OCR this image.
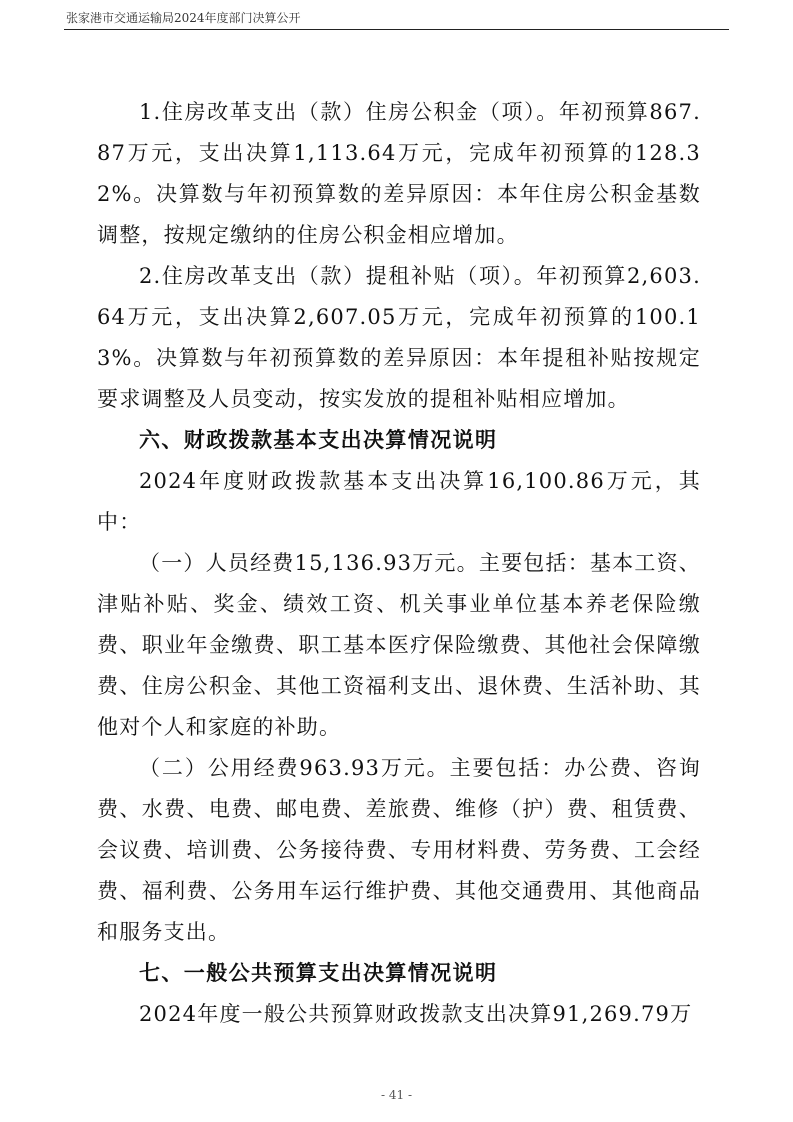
张家港市交通运输局2024年度部门决算公开

1.住房改革支出（款）住房公积金（项）。年初预算867.87万元，支出决算1,113.64万元，完成年初预算的128.32%。决算数与年初预算数的差异原因：本年住房公积金基数调整，按规定缴纳的住房公积金相应增加。

2.住房改革支出（款）提租补贴（项）。年初预算2,603.64万元，支出决算2,607.05万元，完成年初预算的100.13%。决算数与年初预算数的差异原因：本年提租补贴按规定要求调整及人员变动，按实发放的提租补贴相应增加。

六、财政拨款基本支出决算情况说明

2024年度财政拨款基本支出决算16,100.86万元，其中：

（一）人员经费15,136.93万元。主要包括：基本工资、津贴补贴、奖金、绩效工资、机关事业单位基本养老保险缴费、职业年金缴费、职工基本医疗保险缴费、其他社会保障缴费、住房公积金、其他工资福利支出、退休费、生活补助、其他对个人和家庭的补助。

（二）公用经费963.93万元。主要包括：办公费、咨询费、水费、电费、邮电费、差旅费、维修（护）费、租赁费、会议费、培训费、公务接待费、专用材料费、劳务费、工会经费、福利费、公务用车运行维护费、其他交通费用、其他商品和服务支出。

七、一般公共预算支出决算情况说明

2024年度一般公共预算财政拨款支出决算91,269.79万

- 41 -
